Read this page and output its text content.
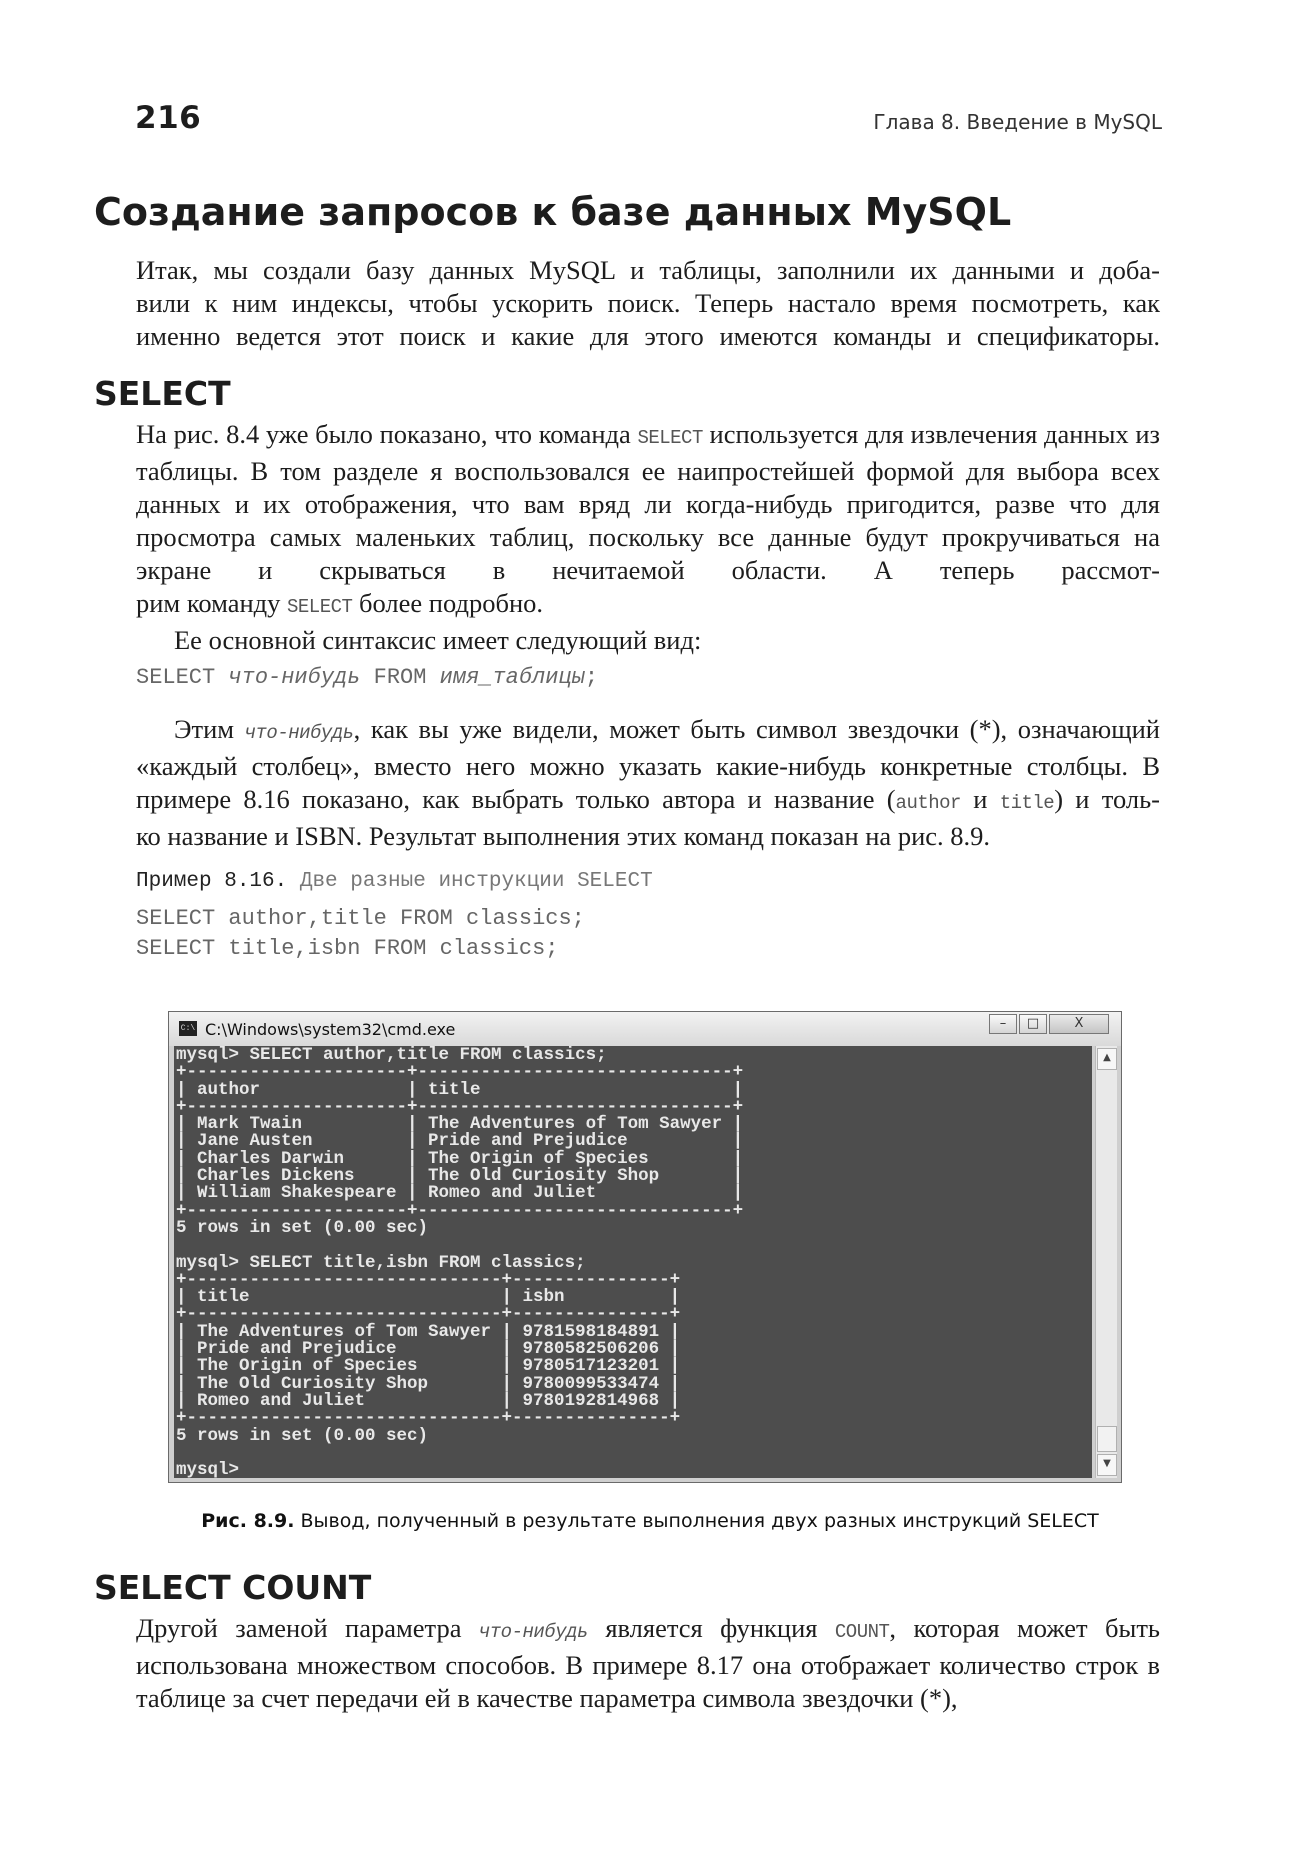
216	Глава 8. Введение в MySQL
Создание запросов к базе данных MySQL

Итак, мы создали базу данных MySQL и таблицы, заполнили их данными и доба-

вили к ним индексы, чтобы ускорить поиск. Теперь настало время посмотреть, как

именно ведется этот поиск и какие для этого имеются команды и спецификаторы.

SELECT

На рис. 8.4 уже было показано, что команда SELECT используется для извлечения данных из таблицы. В том разделе я воспользовался ее наипростейшей формой для выбора всех данных и их отображения, что вам вряд ли когда-нибудь пригодится, разве что для просмотра самых маленьких таблиц, поскольку все данные будут прокручиваться на экране и скрываться в нечитаемой области. А теперь рассмот-

рим команду SELECT более подробно.

Ее основной синтаксис имеет следующий вид:

SELECT что-нибудь FROM имя_таблицы;

Этим что-нибудь, как вы уже видели, может быть символ звездочки (*), означающий «каждый столбец», вместо него можно указать какие-нибудь конкретные столбцы. В примере 8.16 показано, как выбрать только автора и название (author и title) и толь-

ко название и ISBN. Результат выполнения этих команд показан на рис. 8.9.

Пример 8.16. Две разные инструкции SELECT
SELECT author,title FROM classics;
SELECT title,isbn FROM classics;
C:\ C:\Windows\system32\cmd.exe	–	□	X
mysql> SELECT author,title FROM classics;
+---------------------+------------------------------+
| author              | title                        |
+---------------------+------------------------------+
| Mark Twain          | The Adventures of Tom Sawyer |
| Jane Austen         | Pride and Prejudice          |
| Charles Darwin      | The Origin of Species        |
| Charles Dickens     | The Old Curiosity Shop       |
| William Shakespeare | Romeo and Juliet             |
+---------------------+------------------------------+
5 rows in set (0.00 sec)

mysql> SELECT title,isbn FROM classics;
+------------------------------+---------------+
| title                        | isbn          |
+------------------------------+---------------+
| The Adventures of Tom Sawyer | 9781598184891 |
| Pride and Prejudice          | 9780582506206 |
| The Origin of Species        | 9780517123201 |
| The Old Curiosity Shop       | 9780099533474 |
| Romeo and Juliet             | 9780192814968 |
+------------------------------+---------------+
5 rows in set (0.00 sec)

mysql>
▲
▼
Рис. 8.9. Вывод, полученный в результате выполнения двух разных инструкций SELECT
SELECT COUNT

Другой заменой параметра что-нибудь является функция COUNT, которая может быть использована множеством способов. В примере 8.17 она отображает количество строк в таблице за счет передачи ей в качестве параметра символа звездочки (*),
